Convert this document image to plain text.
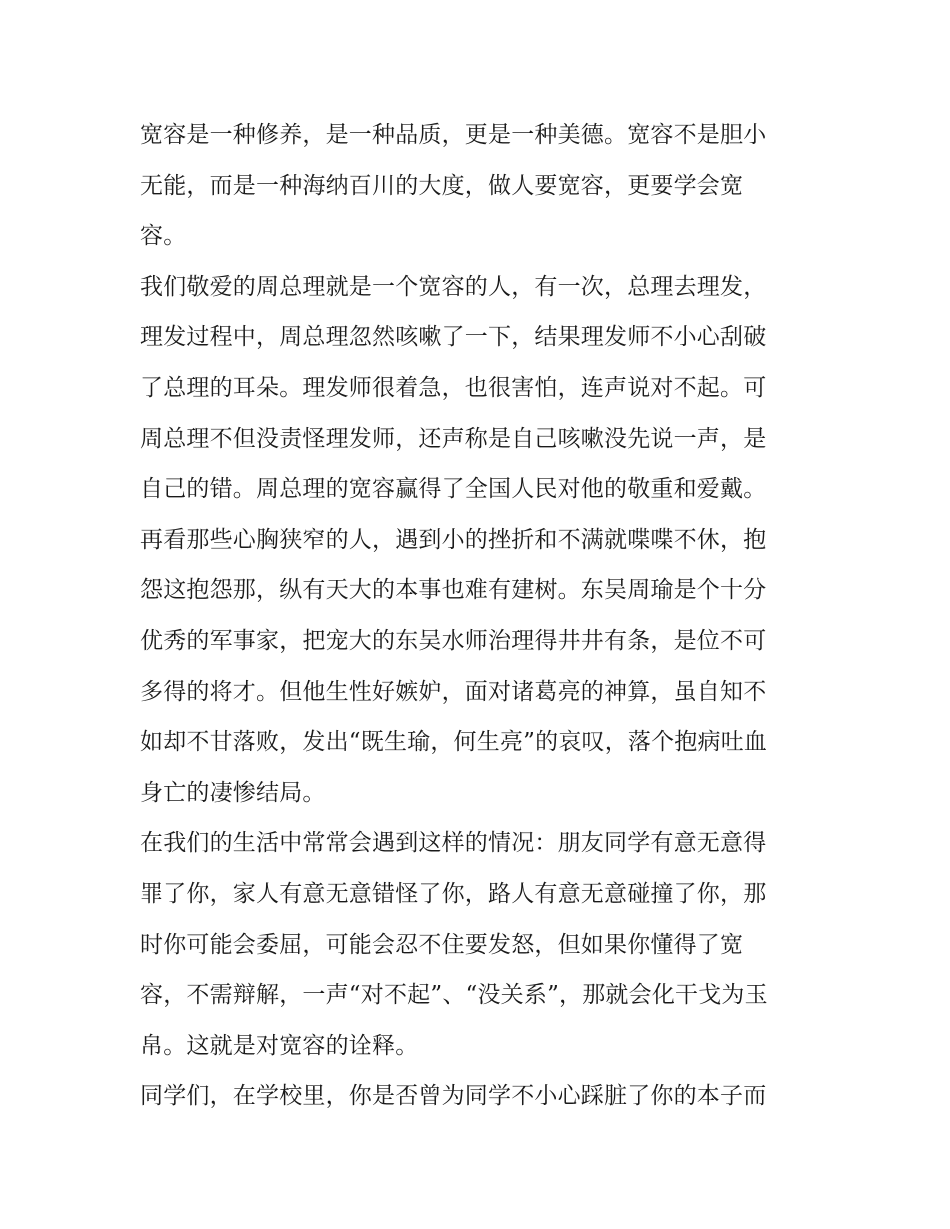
宽容是一种修养，是一种品质，更是一种美德。宽容不是胆小
无能，而是一种海纳百川的大度，做人要宽容，更要学会宽
容。
我们敬爱的周总理就是一个宽容的人，有一次，总理去理发，
理发过程中，周总理忽然咳嗽了一下，结果理发师不小心刮破
了总理的耳朵。理发师很着急，也很害怕，连声说对不起。可
周总理不但没责怪理发师，还声称是自己咳嗽没先说一声，是
自己的错。周总理的宽容赢得了全国人民对他的敬重和爱戴。
再看那些心胸狭窄的人，遇到小的挫折和不满就喋喋不休，抱
怨这抱怨那，纵有天大的本事也难有建树。东吴周瑜是个十分
优秀的军事家，把宠大的东吴水师治理得井井有条，是位不可
多得的将才。但他生性好嫉妒，面对诸葛亮的神算，虽自知不
如却不甘落败，发出“既生瑜，何生亮”的哀叹，落个抱病吐血
身亡的凄惨结局。
在我们的生活中常常会遇到这样的情况：朋友同学有意无意得
罪了你，家人有意无意错怪了你，路人有意无意碰撞了你，那
时你可能会委屈，可能会忍不住要发怒，但如果你懂得了宽
容，不需辩解，一声“对不起”、“没关系”，那就会化干戈为玉
帛。这就是对宽容的诠释。
同学们，在学校里，你是否曾为同学不小心踩脏了你的本子而
